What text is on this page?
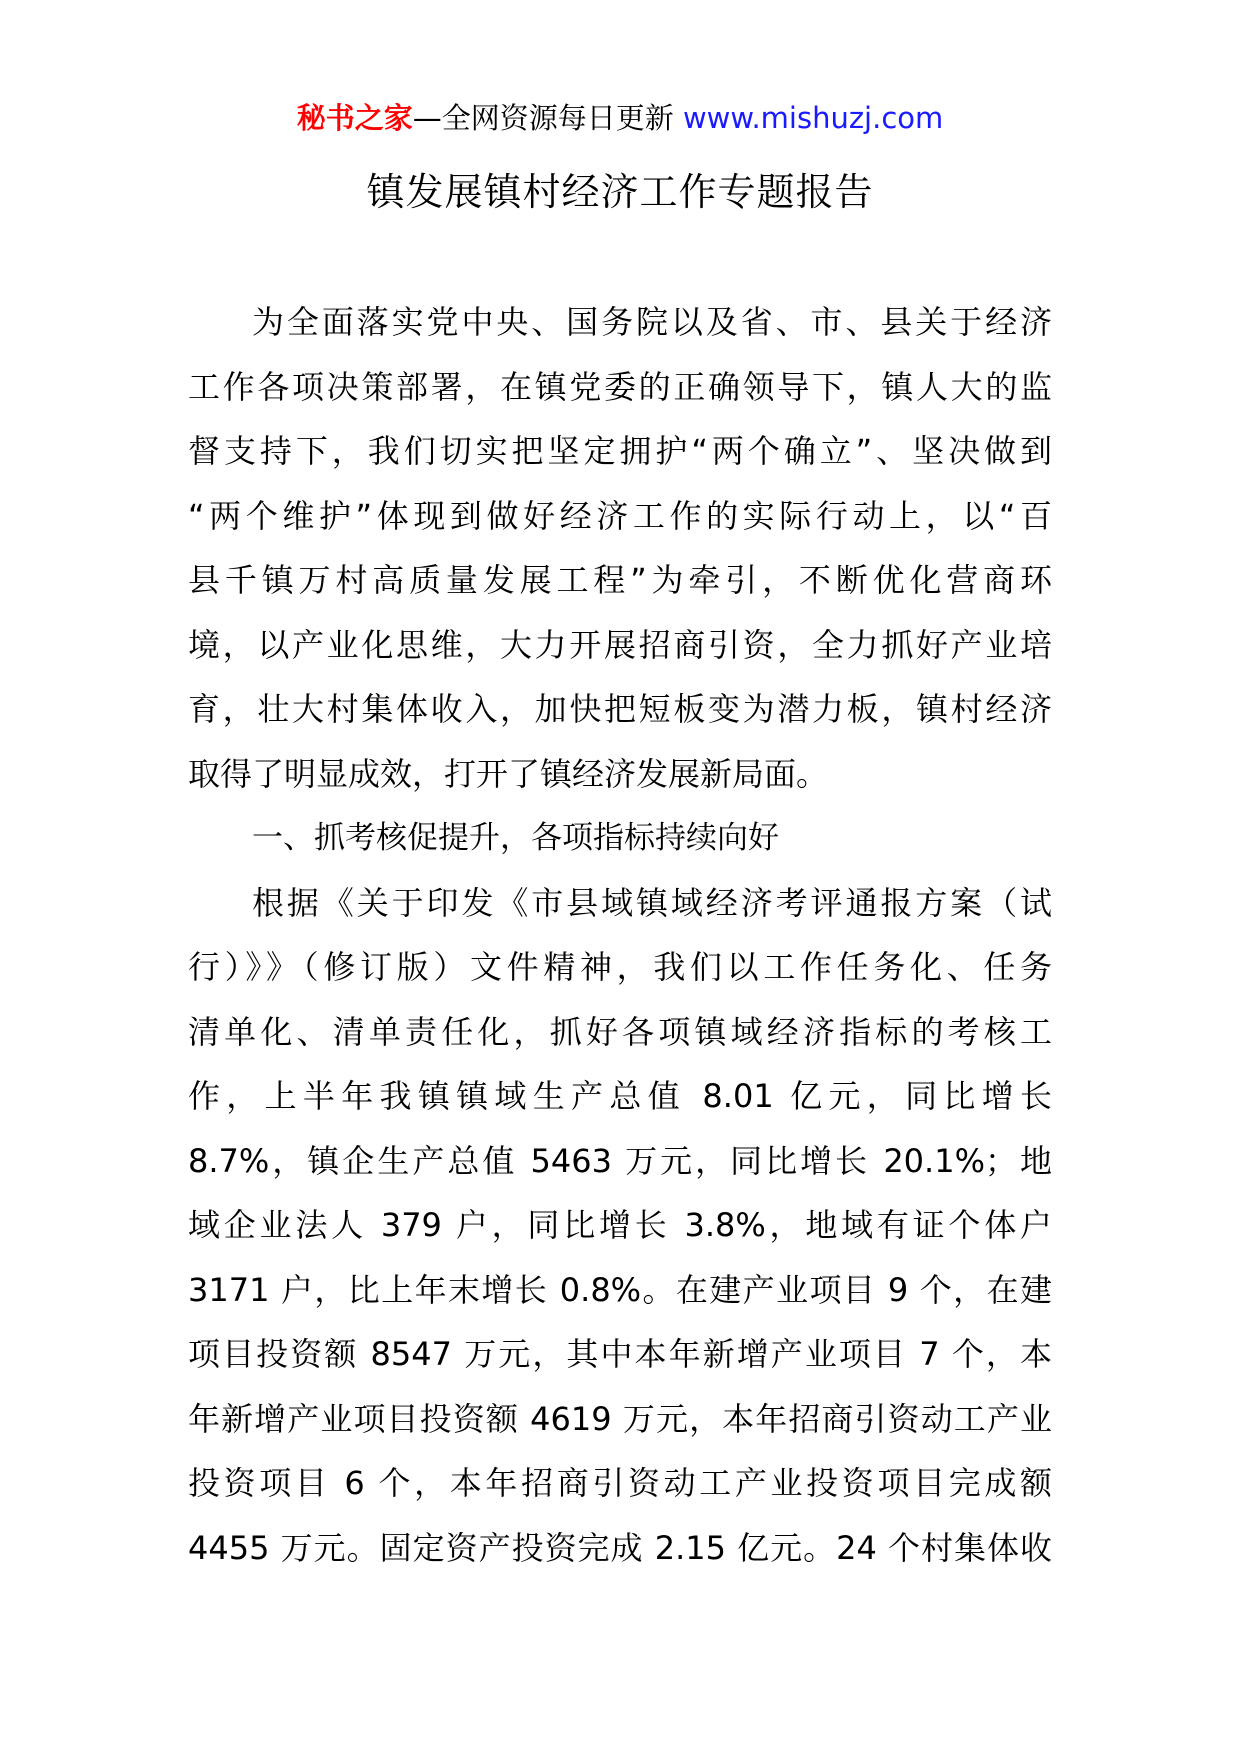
秘书之家—全网资源每日更新 www.mishuzj.com
镇发展镇村经济工作专题报告
为全面落实党中央、国务院以及省、市、县关于经济
工作各项决策部署，在镇党委的正确领导下，镇人大的监
督支持下，我们切实把坚定拥护“两个确立”、坚决做到
“两个维护”体现到做好经济工作的实际行动上，以“百
县千镇万村高质量发展工程”为牵引，不断优化营商环
境，以产业化思维，大力开展招商引资，全力抓好产业培
育，壮大村集体收入，加快把短板变为潜力板，镇村经济
取得了明显成效，打开了镇经济发展新局面。
一、抓考核促提升，各项指标持续向好
根据《关于印发《市县域镇域经济考评通报方案（试
行）》》（修订版）文件精神，我们以工作任务化、任务
清单化、清单责任化，抓好各项镇域经济指标的考核工
作，上半年我镇镇域生产总值 8.01 亿元，同比增长
8.7%，镇企生产总值 5463 万元，同比增长 20.1%；地
域企业法人 379 户，同比增长 3.8%，地域有证个体户
3171 户，比上年末增长 0.8%。在建产业项目 9 个，在建
项目投资额 8547 万元，其中本年新增产业项目 7 个，本
年新增产业项目投资额 4619 万元，本年招商引资动工产业
投资项目 6 个，本年招商引资动工产业投资项目完成额
4455 万元。固定资产投资完成 2.15 亿元。24 个村集体收
